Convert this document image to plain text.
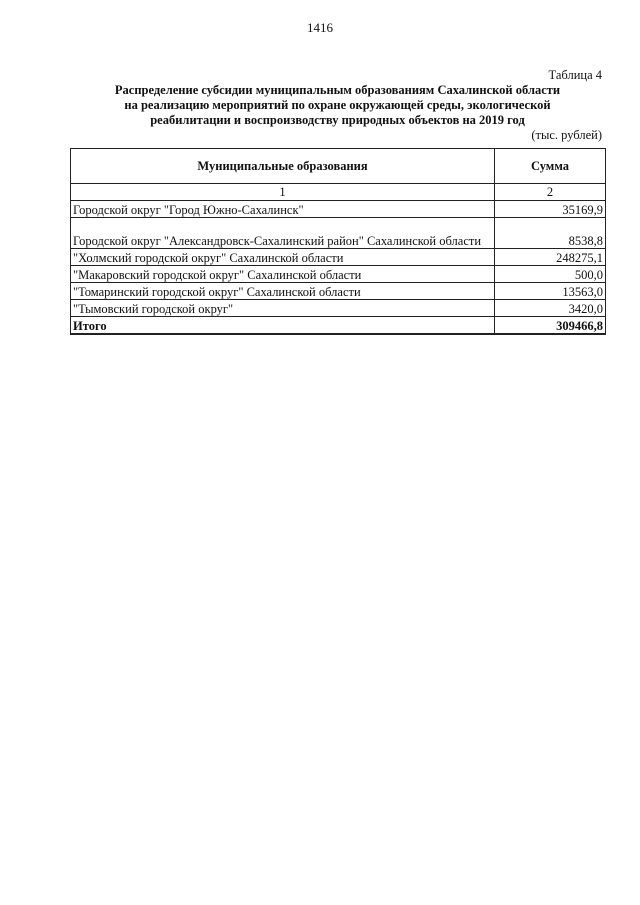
1416
Таблица 4
Распределение субсидии муниципальным образованиям Сахалинской области
на реализацию мероприятий по охране окружающей среды, экологической
реабилитации и воспроизводству природных объектов на 2019 год
(тыс. рублей)
Муниципальные образования	Сумма
1	2
Городской округ "Город Южно-Сахалинск"	35169,9
Городской округ "Александровск-Сахалинский район" Сахалинской области	8538,8
"Холмский городской округ" Сахалинской области	248275,1
"Макаровский городской округ" Сахалинской области	500,0
"Томаринский городской округ" Сахалинской области	13563,0
"Тымовский городской округ"	3420,0
Итого	309466,8
